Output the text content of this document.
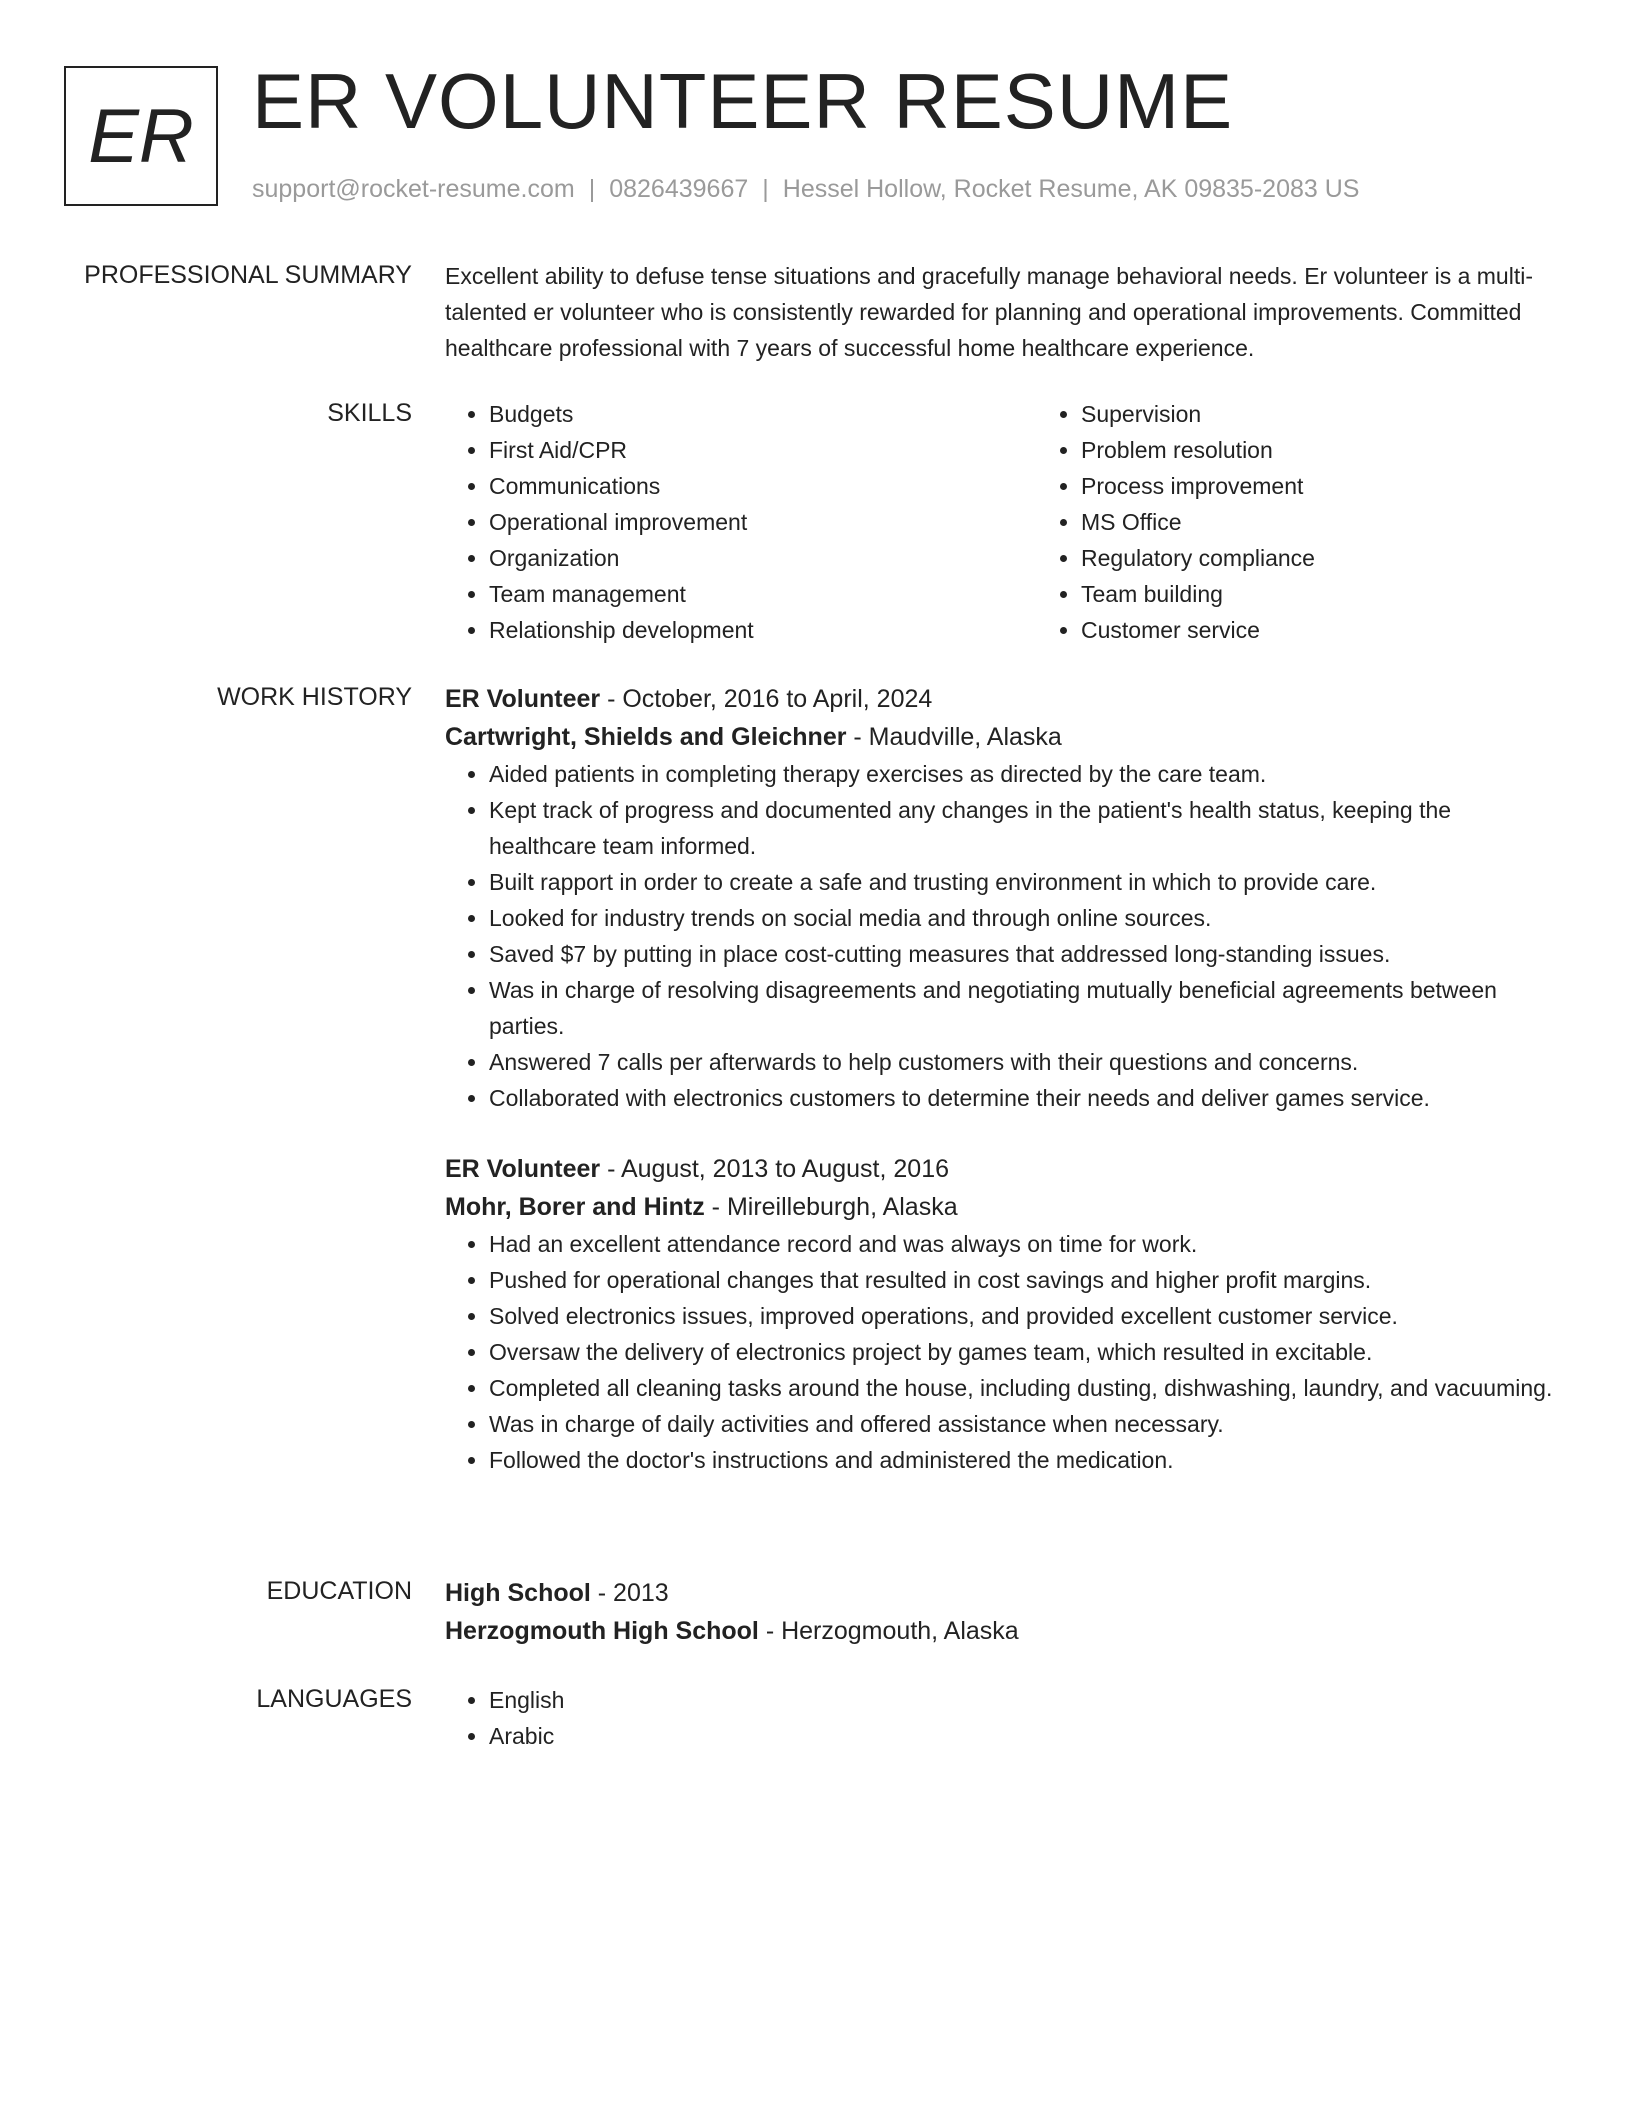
ER ER VOLUNTEER RESUME
support@rocket-resume.com | 0826439667 | Hessel Hollow, Rocket Resume, AK 09835-2083 US
PROFESSIONAL SUMMARY Excellent ability to defuse tense situations and gracefully manage behavioral needs. Er volunteer is a multi-talented er volunteer who is consistently rewarded for planning and operational improvements. Committed healthcare professional with 7 years of successful home healthcare experience.

SKILLS	• Budgets
• First Aid/CPR
• Communications
• Operational improvement
• Organization
• Team management
• Relationship development
• Supervision
• Problem resolution
• Process improvement
• MS Office
• Regulatory compliance
• Team building
• Customer service
WORK HISTORY ER Volunteer - October, 2016 to April, 2024
Cartwright, Shields and Gleichner - Maudville, Alaska
• Aided patients in completing therapy exercises as directed by the care team.
• Kept track of progress and documented any changes in the patient's health status, keeping the healthcare team informed.
• Built rapport in order to create a safe and trusting environment in which to provide care.
• Looked for industry trends on social media and through online sources.
• Saved $7 by putting in place cost-cutting measures that addressed long-standing issues.
• Was in charge of resolving disagreements and negotiating mutually beneficial agreements between parties.
• Answered 7 calls per afterwards to help customers with their questions and concerns.
• Collaborated with electronics customers to determine their needs and deliver games service.
ER Volunteer - August, 2013 to August, 2016
Mohr, Borer and Hintz - Mireilleburgh, Alaska
• Had an excellent attendance record and was always on time for work.
• Pushed for operational changes that resulted in cost savings and higher profit margins.
• Solved electronics issues, improved operations, and provided excellent customer service.
• Oversaw the delivery of electronics project by games team, which resulted in excitable.
• Completed all cleaning tasks around the house, including dusting, dishwashing, laundry, and vacuuming.
• Was in charge of daily activities and offered assistance when necessary.
• Followed the doctor's instructions and administered the medication.
EDUCATION High School - 2013
Herzogmouth High School - Herzogmouth, Alaska
LANGUAGES	• English
• Arabic
